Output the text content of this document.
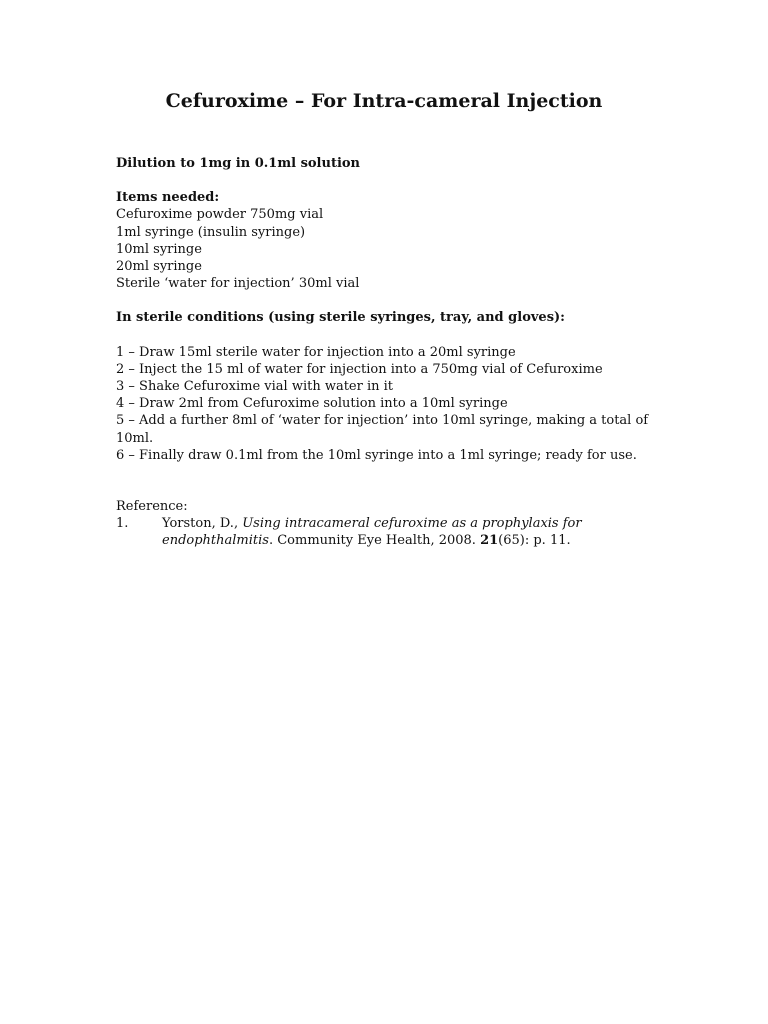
Cefuroxime – For Intra-cameral Injection

Dilution to 1mg in 0.1ml solution

Items needed:

Cefuroxime powder 750mg vial

1ml syringe (insulin syringe)

10ml syringe

20ml syringe

Sterile ‘water for injection’ 30ml vial

In sterile conditions (using sterile syringes, tray, and gloves):

1 – Draw 15ml sterile water for injection into a 20ml syringe

2 – Inject the 15 ml of water for injection into a 750mg vial of Cefuroxime

3 – Shake Cefuroxime vial with water in it

4 – Draw 2ml from Cefuroxime solution into a 10ml syringe

5 – Add a further 8ml of ‘water for injection’ into 10ml syringe, making a total of 10ml.

6 – Finally draw 0.1ml from the 10ml syringe into a 1ml syringe; ready for use.

Reference:

1.	Yorston, D., Using intracameral cefuroxime as a prophylaxis for endophthalmitis. Community Eye Health, 2008. 21(65): p. 11.
